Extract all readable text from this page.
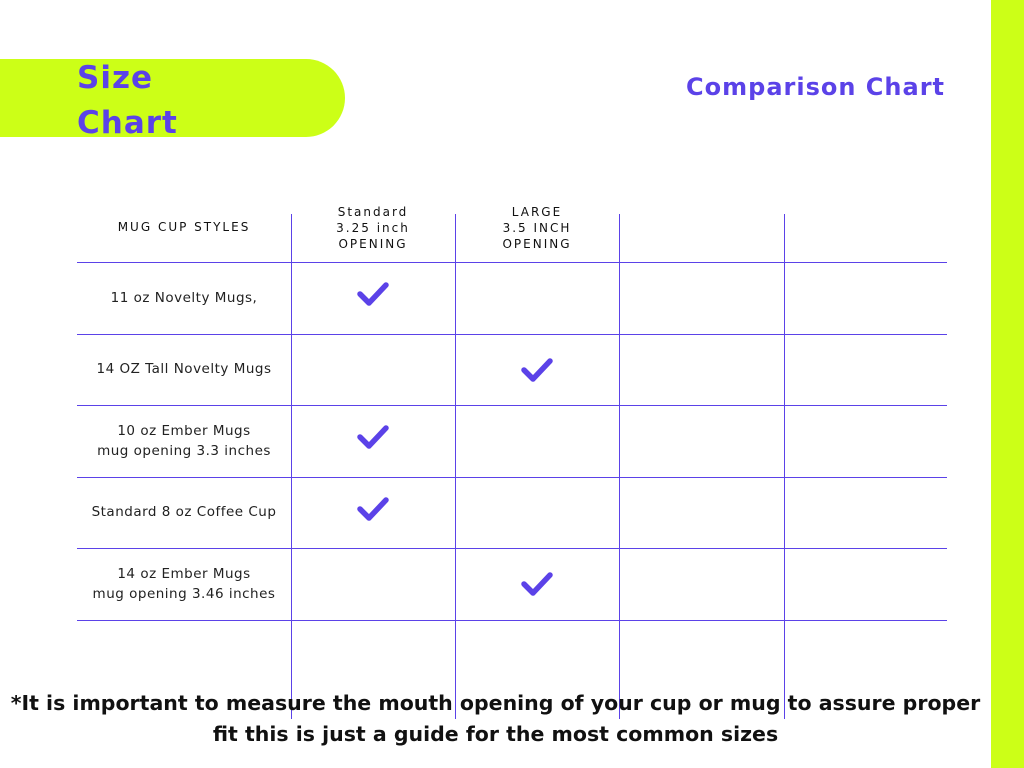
Size
Chart
Comparison Chart
MUG CUP STYLES
Standard
3.25 inch
OPENING
LARGE
3.5 INCH
OPENING
11 oz Novelty Mugs,
14 OZ Tall Novelty Mugs
10 oz Ember Mugs
mug opening 3.3 inches
Standard 8 oz Coffee Cup
14 oz Ember Mugs
mug opening 3.46 inches
*It is important to measure the mouth opening of your cup or mug to assure proper
fit this is just a guide for the most common sizes
